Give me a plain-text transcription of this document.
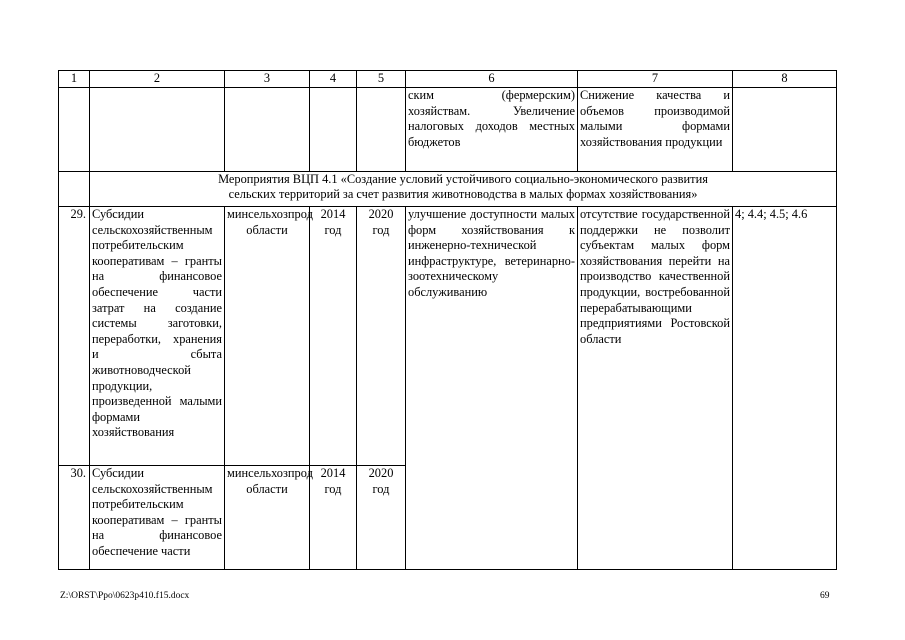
1	2	3	4	5	6	7	8
					ским (фермерским) хозяйствам. Увеличение налоговых доходов местных бюджетов	Снижение качества и объемов производимой малыми формами хозяйствования продукции	

	Мероприятия ВЦП 4.1 «Создание условий устойчивого социально-экономического развития
сельских территорий за счет развития животноводства в малых формах хозяйствования»						

29.	Субсидии сельскохозяйственным потребительским кооперативам – гранты на финансовое обеспечение части затрат на создание системы заготовки, переработки, хранения и сбыта животноводческой продукции, произведенной малыми формами хозяйствования	минсельхозпрод области	2014 год	2020 год	улучшение доступности малых форм хозяйствования к инженерно-технической инфраструктуре, ветеринарно-зоотехническому обслуживанию	отсутствие государственной поддержки не позволит субъектам малых форм хозяйствования перейти на производство качественной продукции, востребованной перерабатывающими предприятиями Ростовской области	4; 4.4; 4.5; 4.6
30.	Субсидии сельскохозяйственным потребительским кооперативам – гранты на финансовое обеспечение части	минсельхозпрод области	2014 год	2020 год			
Z:\ORST\Ppo\0623p410.f15.docx	69
